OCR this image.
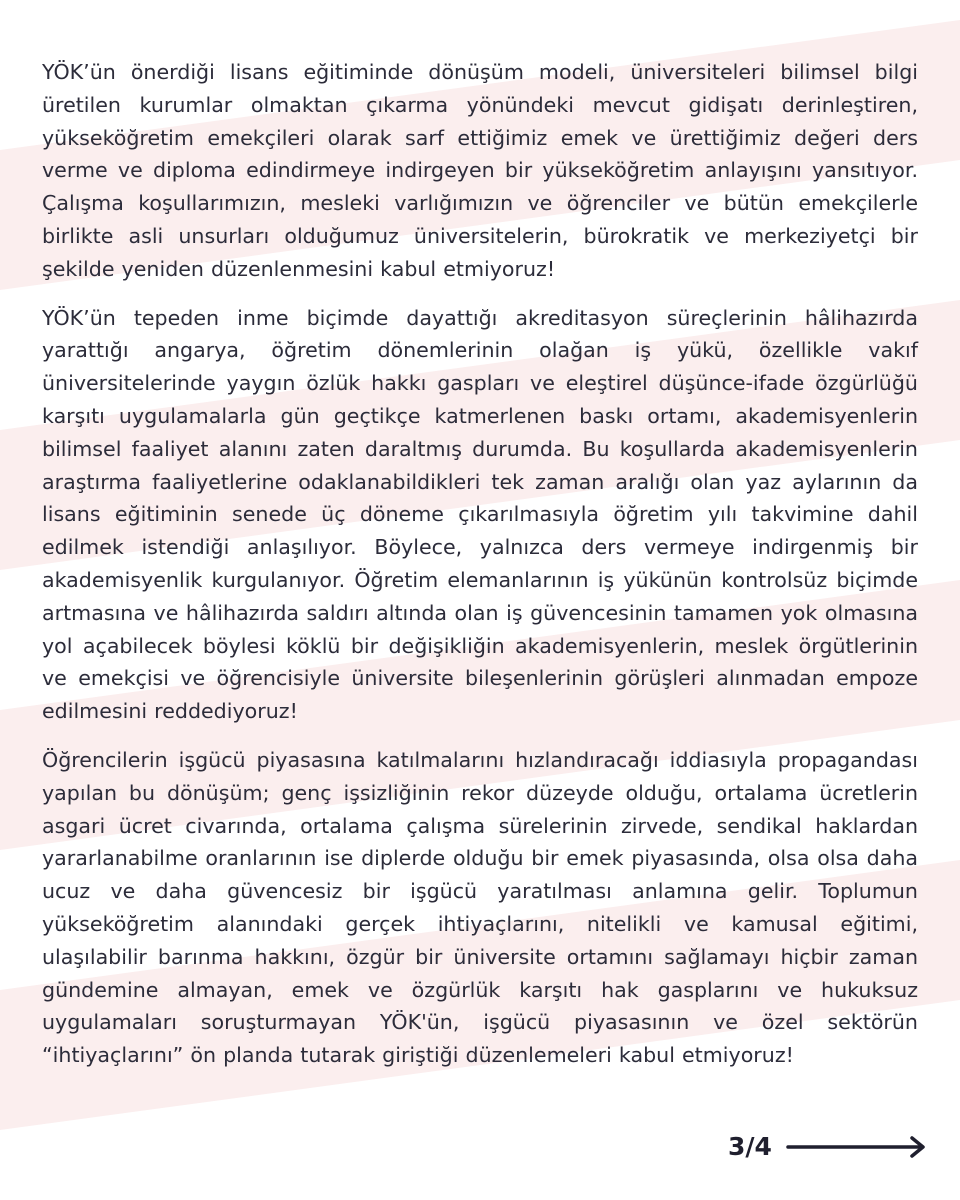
YÖK’ün önerdiği lisans eğitiminde dönüşüm modeli, üniversiteleri bilimsel bilgi üretilen kurumlar olmaktan çıkarma yönündeki mevcut gidişatı derinleştiren, yükseköğretim emekçileri olarak sarf ettiğimiz emek ve ürettiğimiz değeri ders verme ve diploma edindirmeye indirgeyen bir yükseköğretim anlayışını yansıtıyor. Çalışma koşullarımızın, mesleki varlığımızın ve öğrenciler ve bütün emekçilerle birlikte asli unsurları olduğumuz üniversitelerin, bürokratik ve merkeziyetçi bir şekilde yeniden düzenlenmesini kabul etmiyoruz!

YÖK’ün tepeden inme biçimde dayattığı akreditasyon süreçlerinin hâlihazırda yarattığı angarya, öğretim dönemlerinin olağan iş yükü, özellikle vakıf üniversitelerinde yaygın özlük hakkı gaspları ve eleştirel düşünce-ifade özgürlüğü karşıtı uygulamalarla gün geçtikçe katmerlenen baskı ortamı, akademisyenlerin bilimsel faaliyet alanını zaten daraltmış durumda. Bu koşullarda akademisyenlerin araştırma faaliyetlerine odaklanabildikleri tek zaman aralığı olan yaz aylarının da lisans eğitiminin senede üç döneme çıkarılmasıyla öğretim yılı takvimine dahil edilmek istendiği anlaşılıyor. Böylece, yalnızca ders vermeye indirgenmiş bir akademisyenlik kurgulanıyor. Öğretim elemanlarının iş yükünün kontrolsüz biçimde artmasına ve hâlihazırda saldırı altında olan iş güvencesinin tamamen yok olmasına yol açabilecek böylesi köklü bir değişikliğin akademisyenlerin, meslek örgütlerinin ve emekçisi ve öğrencisiyle üniversite bileşenlerinin görüşleri alınmadan empoze edilmesini reddediyoruz!

Öğrencilerin işgücü piyasasına katılmalarını hızlandıracağı iddiasıyla propagandası yapılan bu dönüşüm; genç işsizliğinin rekor düzeyde olduğu, ortalama ücretlerin asgari ücret civarında, ortalama çalışma sürelerinin zirvede, sendikal haklardan yararlanabilme oranlarının ise diplerde olduğu bir emek piyasasında, olsa olsa daha ucuz ve daha güvencesiz bir işgücü yaratılması anlamına gelir. Toplumun yükseköğretim alanındaki gerçek ihtiyaçlarını, nitelikli ve kamusal eğitimi, ulaşılabilir barınma hakkını, özgür bir üniversite ortamını sağlamayı hiçbir zaman gündemine almayan, emek ve özgürlük karşıtı hak gasplarını ve hukuksuz uygulamaları soruşturmayan YÖK'ün, işgücü piyasasının ve özel sektörün “ihtiyaçlarını” ön planda tutarak giriştiği düzenlemeleri kabul etmiyoruz!

3/4
